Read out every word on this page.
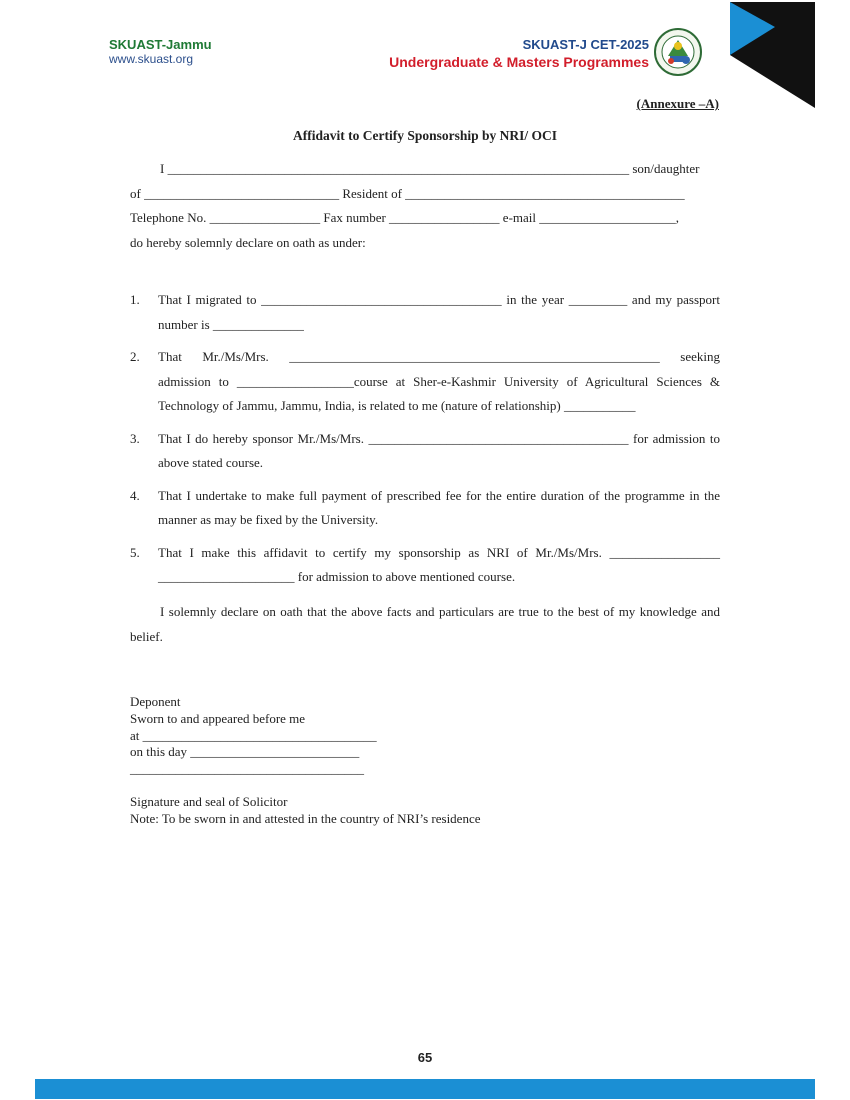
SKUAST-Jammu
www.skuast.org
SKUAST-J CET-2025
Undergraduate & Masters Programmes
(Annexure –A)
Affidavit to Certify Sponsorship by NRI/ OCI

I _______________________________________________________________________ son/daughter

of ______________________________ Resident of ___________________________________________

Telephone No. _________________ Fax number _________________ e-mail _____________________,

do hereby solemnly declare on oath as under:

1. That I migrated to _____________________________________ in the year _________ and my passport number is ______________
2. That Mr./Ms/Mrs. _________________________________________________________ seeking admission to __________________course at Sher-e-Kashmir University of Agricultural Sciences & Technology of Jammu, Jammu, India, is related to me (nature of relationship) ___________
3. That I do hereby sponsor Mr./Ms/Mrs. ________________________________________ for admission to above stated course.
4. That I undertake to make full payment of prescribed fee for the entire duration of the programme in the manner as may be fixed by the University.
5. That I make this affidavit to certify my sponsorship as NRI of Mr./Ms/Mrs. _________________ _____________________ for admission to above mentioned course.

I solemnly declare on oath that the above facts and particulars are true to the best of my knowledge and belief.

Deponent
Sworn to and appeared before me
at ____________________________________
on this day __________________________
____________________________________
Signature and seal of Solicitor
Note: To be sworn in and attested in the country of NRI’s residence
65
